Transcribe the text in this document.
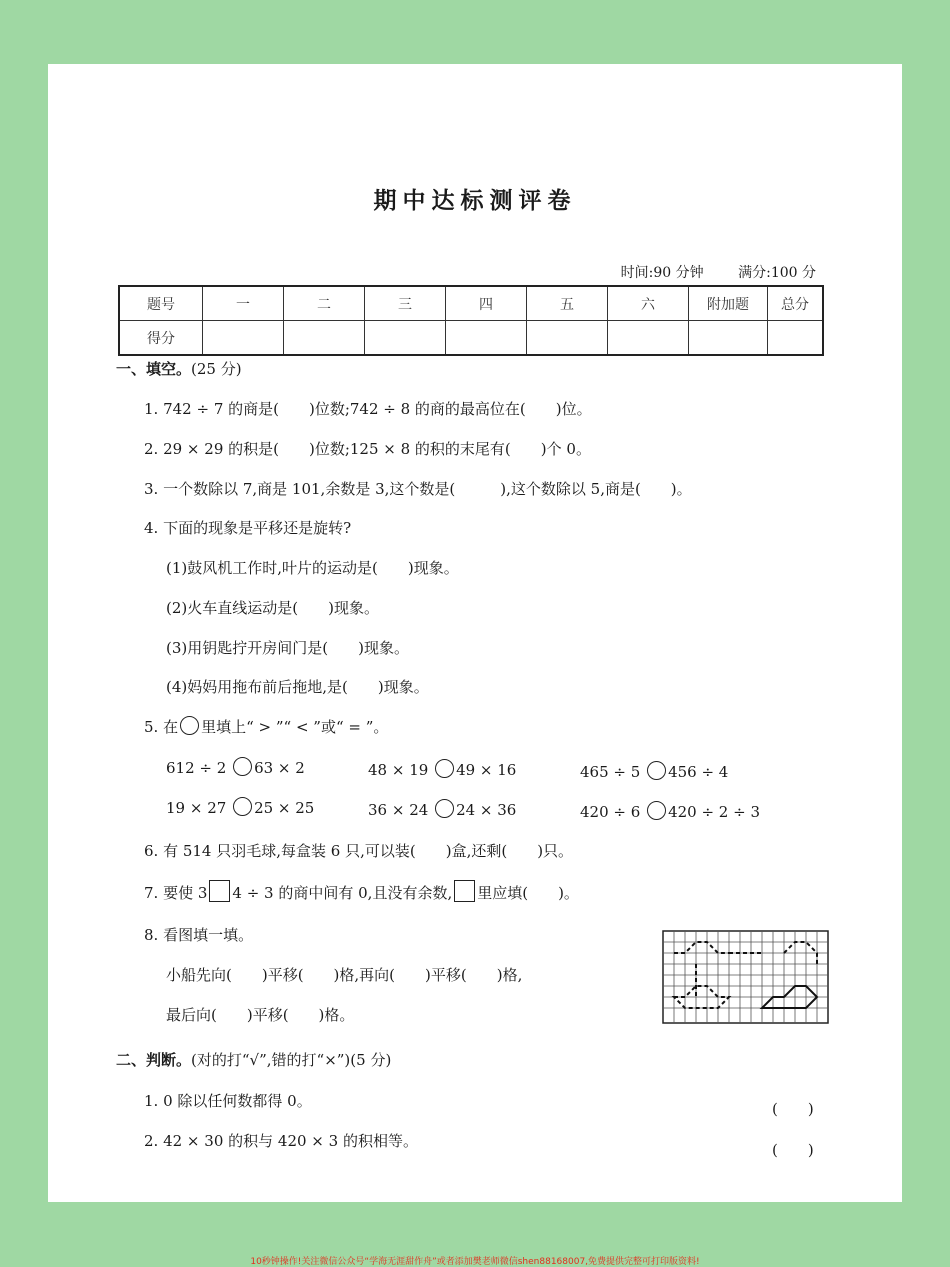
期中达标测评卷
时间:90 分钟 满分:100 分
题号	一	二	三	四	五	六	附加题	总分
得分								
一、填空。(25 分)
1. 742 ÷ 7 的商是(　　)位数;742 ÷ 8 的商的最高位在(　　)位。
2. 29 × 29 的积是(　　)位数;125 × 8 的积的末尾有(　　)个 0。
3. 一个数除以 7,商是 101,余数是 3,这个数是(　　　),这个数除以 5,商是(　　)。
4. 下面的现象是平移还是旋转?
(1)鼓风机工作时,叶片的运动是(　　)现象。
(2)火车直线运动是(　　)现象。
(3)用钥匙拧开房间门是(　　)现象。
(4)妈妈用拖布前后拖地,是(　　)现象。
5. 在 里填上“ > ”“ < ”或“ = ”。
612 ÷ 2 63 × 2	48 × 19 49 × 16	465 ÷ 5 456 ÷ 4
19 × 27 25 × 25	36 × 24 24 × 36	420 ÷ 6 420 ÷ 2 ÷ 3
6. 有 514 只羽毛球,每盒装 6 只,可以装(　　)盒,还剩(　　)只。
7. 要使 3 4 ÷ 3 的商中间有 0,且没有余数, 里应填(　　)。
8. 看图填一填。
小船先向(　　)平移(　　)格,再向(　　)平移(　　)格,
最后向(　　)平移(　　)格。
二、判断。(对的打“√”,错的打“×”)(5 分)
1. 0 除以任何数都得 0。	(　　)
2. 42 × 30 的积与 420 × 3 的积相等。	(　　)
10秒钟操作!关注微信公众号“学海无涯甜作舟”或者添加樊老师微信shen88168007,免费提供完整可打印版资料!
